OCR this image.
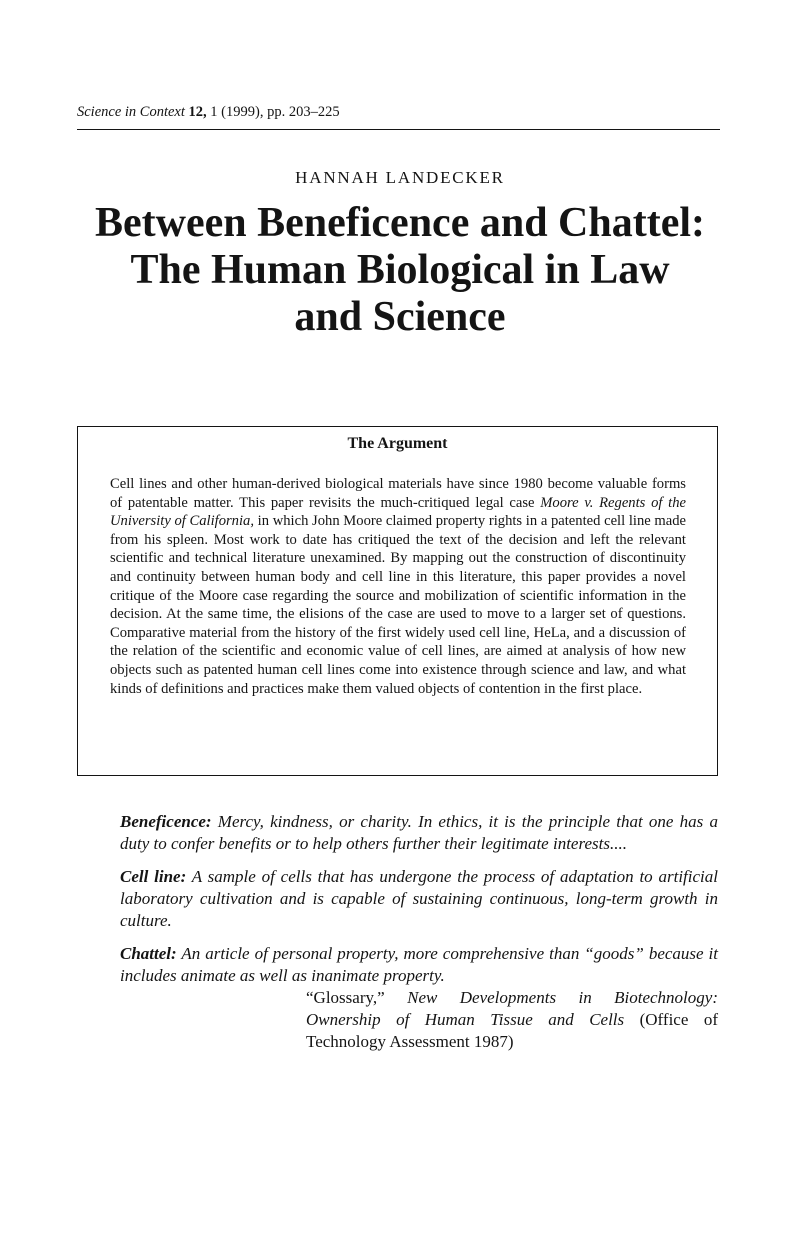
Science in Context 12, 1 (1999), pp. 203–225
HANNAH LANDECKER
Between Beneficence and Chattel:
The Human Biological in Law
and Science
The Argument

Cell lines and other human-derived biological materials have since 1980 become valuable forms of patentable matter. This paper revisits the much-critiqued legal case Moore v. Regents of the University of California, in which John Moore claimed property rights in a patented cell line made from his spleen. Most work to date has critiqued the text of the decision and left the relevant scientific and technical literature unexamined. By mapping out the construction of discontinuity and continuity between human body and cell line in this literature, this paper provides a novel critique of the Moore case regarding the source and mobilization of scientific information in the decision. At the same time, the elisions of the case are used to move to a larger set of questions. Comparative material from the history of the first widely used cell line, HeLa, and a discussion of the relation of the scientific and economic value of cell lines, are aimed at analysis of how new objects such as patented human cell lines come into existence through science and law, and what kinds of definitions and practices make them valued objects of contention in the first place.

Beneficence: Mercy, kindness, or charity. In ethics, it is the principle that one has a duty to confer benefits or to help others further their legitimate interests....

Cell line: A sample of cells that has undergone the process of adaptation to artificial laboratory cultivation and is capable of sustaining continuous, long-term growth in culture.

Chattel: An article of personal property, more comprehensive than “goods” because it includes animate as well as inanimate property.

“Glossary,” New Developments in Biotechnology: Ownership of Human Tissue and Cells (Office of Technology Assessment 1987)
